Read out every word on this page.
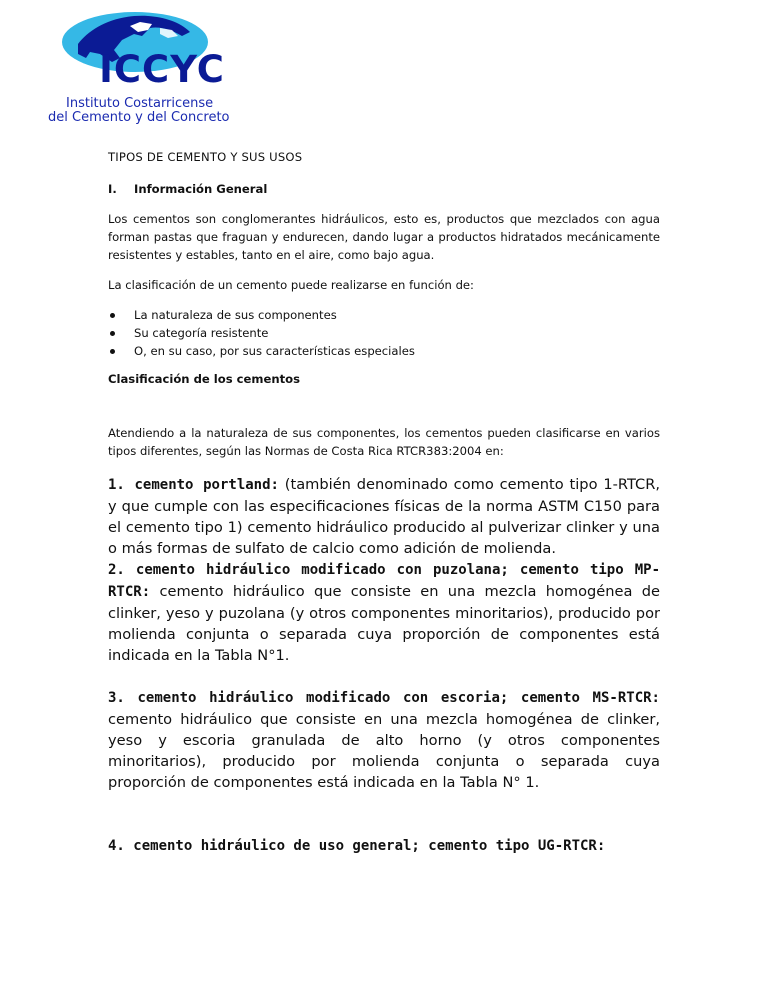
ICCYC
Instituto Costarricense
del Cemento y del Concreto
TIPOS DE CEMENTO Y SUS USOS
I. Información General

Los cementos son conglomerantes hidráulicos, esto es, productos que mezclados con agua forman pastas que fraguan y endurecen, dando lugar a productos hidratados mecánicamente resistentes y estables, tanto en el aire, como bajo agua.

La clasificación de un cemento puede realizarse en función de:

La naturaleza de sus componentes
Su categoría resistente
O, en su caso, por sus características especiales
Clasificación de los cementos

Atendiendo a la naturaleza de sus componentes, los cementos pueden clasificarse en varios tipos diferentes, según las Normas de Costa Rica RTCR383:2004 en:

1. cemento portland: (también denominado como cemento tipo 1-RTCR, y que cumple con las especificaciones físicas de la norma ASTM C150 para el cemento tipo 1) cemento hidráulico producido al pulverizar clinker y una o más formas de sulfato de calcio como adición de molienda.

2. cemento hidráulico modificado con puzolana; cemento tipo MP-RTCR: cemento hidráulico que consiste en una mezcla homogénea de clinker, yeso y puzolana (y otros componentes minoritarios), producido por molienda conjunta o separada cuya proporción de componentes está indicada en la Tabla N°1.

3. cemento hidráulico modificado con escoria; cemento MS-RTCR: cemento hidráulico que consiste en una mezcla homogénea de clinker, yeso y escoria granulada de alto horno (y otros componentes minoritarios), producido por molienda conjunta o separada cuya proporción de componentes está indicada en la Tabla N° 1.

4. cemento hidráulico de uso general; cemento tipo UG-RTCR:
